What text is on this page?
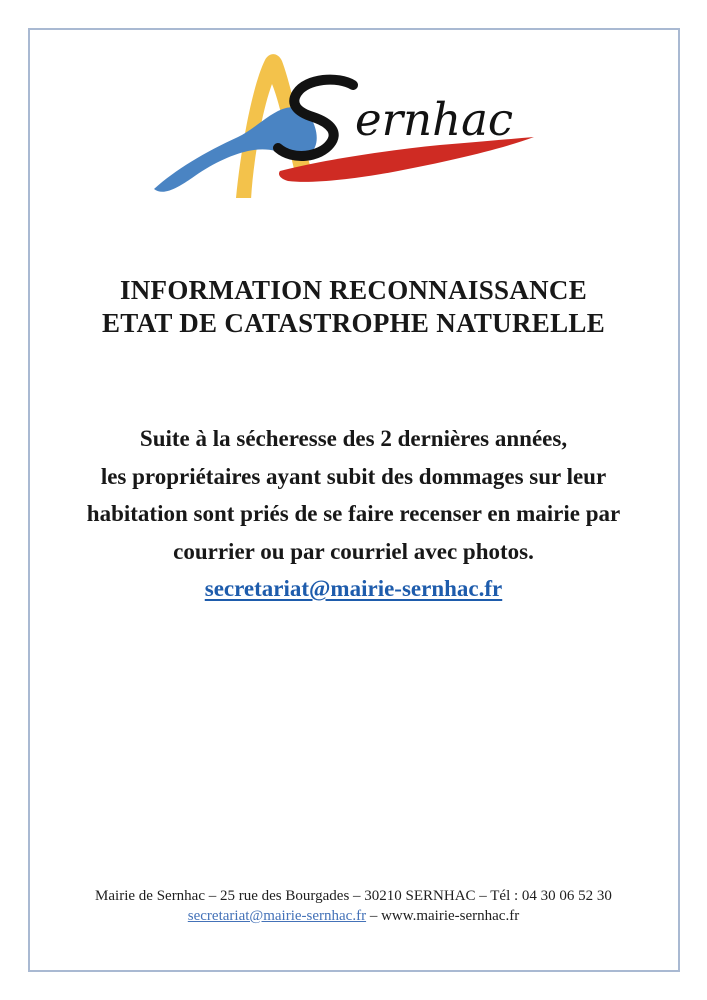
ernhac
INFORMATION RECONNAISSANCE
ETAT DE CATASTROPHE NATURELLE

Suite à la sécheresse des 2 dernières années,

les propriétaires ayant subit des dommages sur leur

habitation sont priés de se faire recenser en mairie par

courrier ou par courriel avec photos.

secretariat@mairie-sernhac.fr

Mairie de Sernhac – 25 rue des Bourgades – 30210 SERNHAC – Tél : 04 30 06 52 30
secretariat@mairie-sernhac.fr – www.mairie-sernhac.fr
